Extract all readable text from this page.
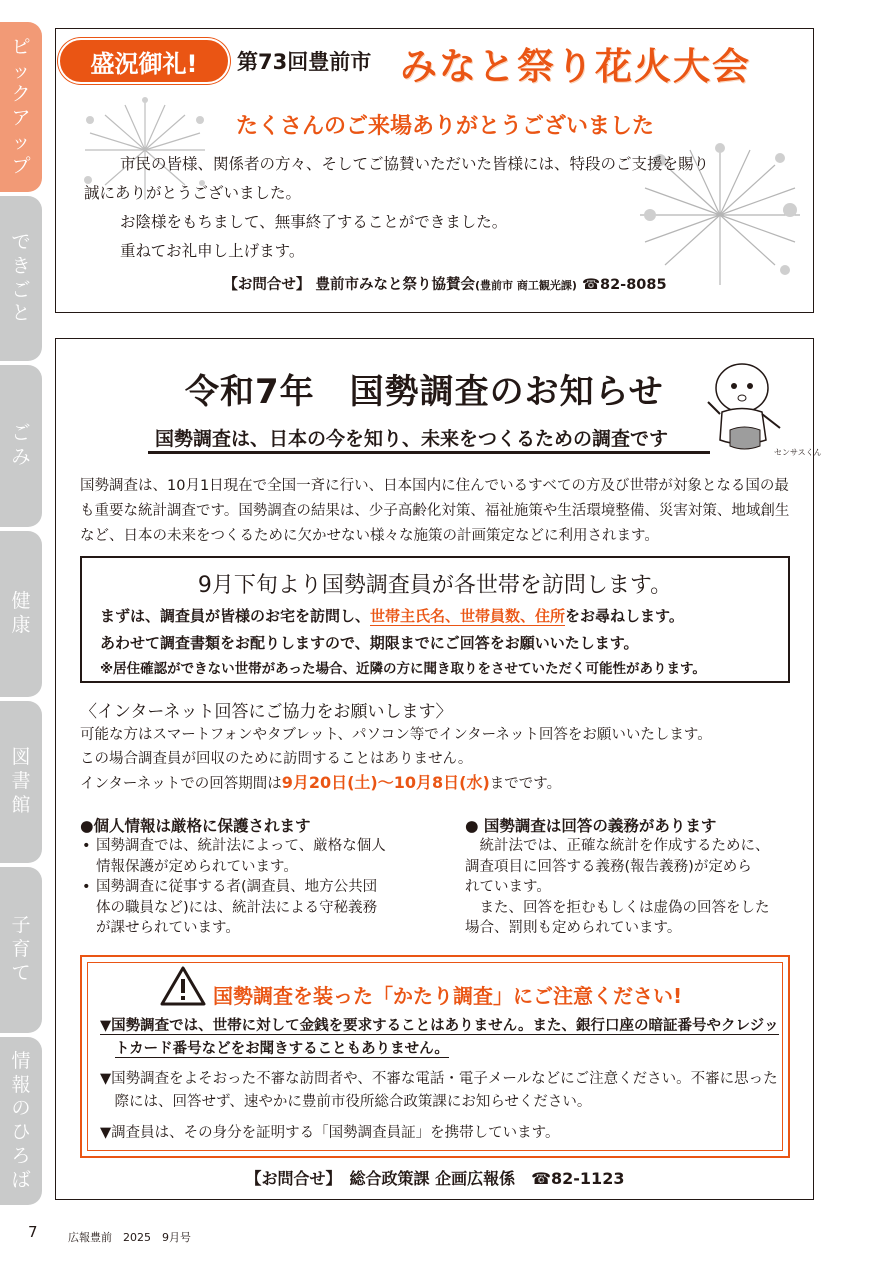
ピ
ッ
ク
ア
ッ
プ
で
き
ご
と
ご
み
健
康
図
書
館
子
育
て
情
報
の
ひ
ろ
ば
盛況御礼! 第73回豊前市 みなと祭り花火大会
たくさんのご来場ありがとうございました

市民の皆様、関係者の方々、そしてご協賛いただいた皆様には、特段のご支援を賜り

誠にありがとうございました。

お陰様をもちまして、無事終了することができました。

重ねてお礼申し上げます。

【お問合せ】 豊前市みなと祭り協賛会(豊前市 商工観光課) ☎82-8085
令和7年　国勢調査のお知らせ
国勢調査は、日本の今を知り、未来をつくるための調査です
センサスくん
国勢調査は、10月1日現在で全国一斉に行い、日本国内に住んでいるすべての方及び世帯が対象となる国の最も重要な統計調査です。国勢調査の結果は、少子高齢化対策、福祉施策や生活環境整備、災害対策、地域創生など、日本の未来をつくるために欠かせない様々な施策の計画策定などに利用されます。
9月下旬より国勢調査員が各世帯を訪問します。
まずは、調査員が皆様のお宅を訪問し、世帯主氏名、世帯員数、住所をお尋ねします。
あわせて調査書類をお配りしますので、期限までにご回答をお願いいたします。
※居住確認ができない世帯があった場合、近隣の方に聞き取りをさせていただく可能性があります。
〈インターネット回答にご協力をお願いします〉
可能な方はスマートフォンやタブレット、パソコン等でインターネット回答をお願いいたします。
この場合調査員が回収のために訪問することはありません。
インターネットでの回答期間は9月20日(土)～10月8日(水)までです。
●個人情報は厳格に保護されます
• 国勢調査では、統計法によって、厳格な個人
情報保護が定められています。
• 国勢調査に従事する者(調査員、地方公共団
体の職員など)には、統計法による守秘義務
が課せられています。
● 国勢調査は回答の義務があります
　統計法では、正確な統計を作成するために、
調査項目に回答する義務(報告義務)が定めら
れています。
　また、回答を拒むもしくは虚偽の回答をした
場合、罰則も定められています。
国勢調査を装った「かたり調査」にご注意ください!
▼国勢調査では、世帯に対して金銭を要求することはありません。また、銀行口座の暗証番号やクレジッ
トカード番号などをお聞きすることもありません。
▼国勢調査をよそおった不審な訪問者や、不審な電話・電子メールなどにご注意ください。不審に思った
　際には、回答せず、速やかに豊前市役所総合政策課にお知らせください。
▼調査員は、その身分を証明する「国勢調査員証」を携帯しています。
【お問合せ】　総合政策課 企画広報係　☎82-1123
7	広報豊前　2025　9月号
